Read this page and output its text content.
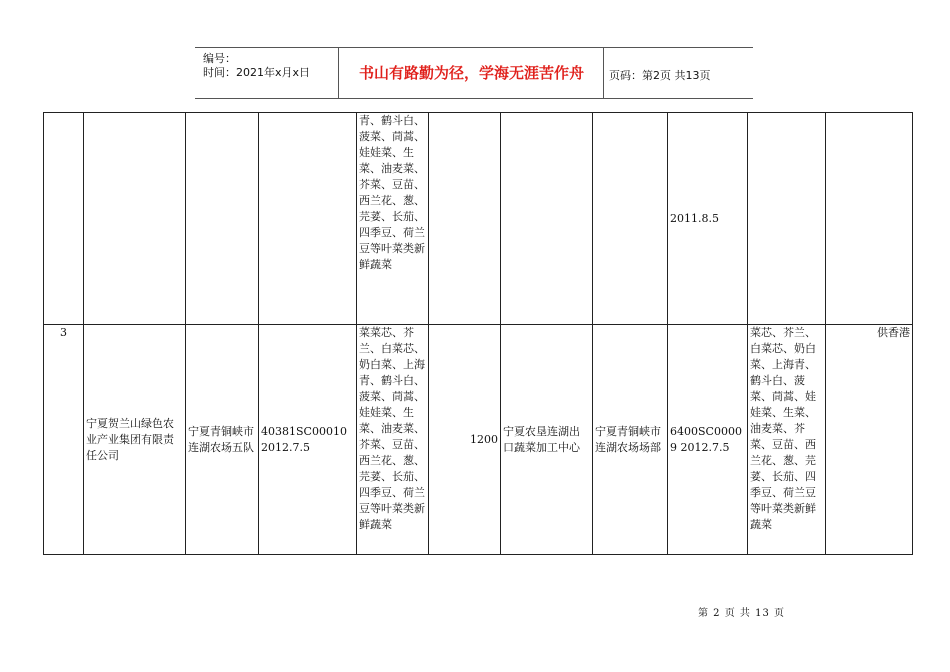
编号：
时间：2021年x月x日	书山有路勤为径，学海无涯苦作舟	页码：第2页 共13页
				青、鹤斗白、菠菜、茼蒿、娃娃菜、生菜、油麦菜、芥菜、豆苗、西兰花、葱、芫荽、长茄、四季豆、荷兰豆等叶菜类新鲜蔬菜				2011.8.5		
3	宁夏贺兰山绿色农业产业集团有限责任公司	宁夏青铜峡市连湖农场五队	40381SC00010 2012.7.5	菜菜芯、芥兰、白菜芯、奶白菜、上海青、鹤斗白、菠菜、茼蒿、娃娃菜、生菜、油麦菜、芥菜、豆苗、西兰花、葱、芫荽、长茄、四季豆、荷兰豆等叶菜类新鲜蔬菜	1200	宁夏农垦连湖出口蔬菜加工中心	宁夏青铜峡市连湖农场场部	6400SC00009 2012.7.5	菜芯、芥兰、白菜芯、奶白菜、上海青、鹤斗白、菠菜、茼蒿、娃娃菜、生菜、油麦菜、芥菜、豆苗、西兰花、葱、芫荽、长茄、四季豆、荷兰豆等叶菜类新鲜蔬菜	供香港
第 2 页 共 13 页
